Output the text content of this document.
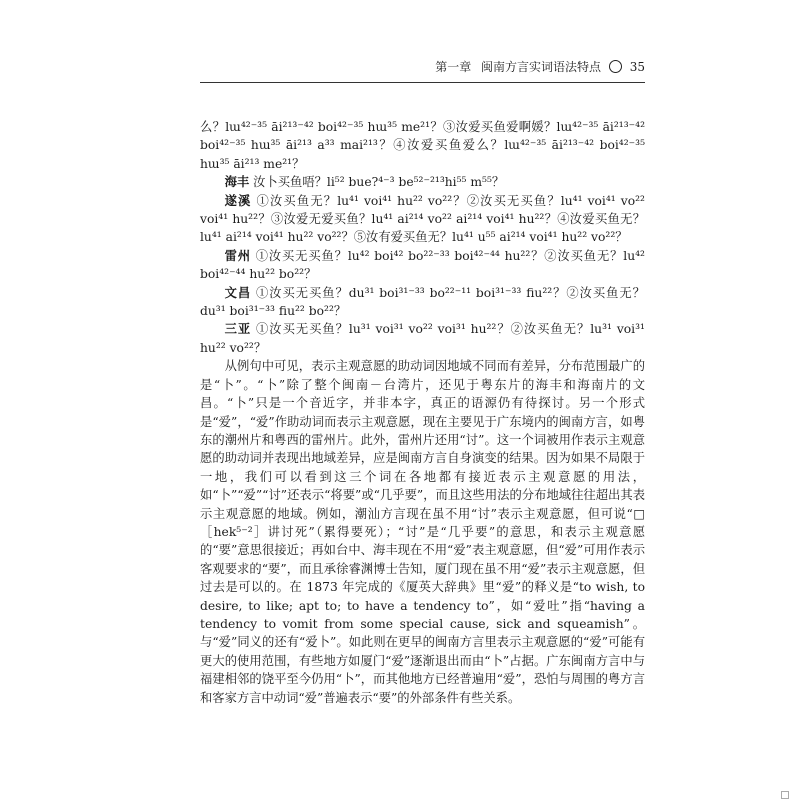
第一章 闽南方言实词语法特点 35

么？lɯ⁴²⁻³⁵ āi²¹³⁻⁴² boi⁴²⁻³⁵ hɯ³⁵ me²¹？③汝爱买鱼爱啊媛？lɯ⁴²⁻³⁵ āi²¹³⁻⁴² boi⁴²⁻³⁵ hɯ³⁵ āi²¹³ a³³ mai²¹³？④汝爱买鱼爱么？lɯ⁴²⁻³⁵ āi²¹³⁻⁴² boi⁴²⁻³⁵ hɯ³⁵ āi²¹³ me²¹？

海丰 汝卜买鱼唔？li⁵² bue?⁴⁻³ be⁵²⁻²¹³hi⁵⁵ m⁵⁵？

遂溪 ①汝买鱼无？lu⁴¹ voi⁴¹ hu²² vo²²？②汝买无买鱼？lu⁴¹ voi⁴¹ vo²² voi⁴¹ hu²²？③汝爱无爱买鱼？lu⁴¹ ai²¹⁴ vo²² ai²¹⁴ voi⁴¹ hu²²？④汝爱买鱼无？lu⁴¹ ai²¹⁴ voi⁴¹ hu²² vo²²？⑤汝有爱买鱼无？lu⁴¹ u⁵⁵ ai²¹⁴ voi⁴¹ hu²² vo²²？

雷州 ①汝买无买鱼？lu⁴² boi⁴² bo²²⁻³³ boi⁴²⁻⁴⁴ hu²²？②汝买鱼无？lu⁴² boi⁴²⁻⁴⁴ hu²² bo²²？

文昌 ①汝买无买鱼？du³¹ boi³¹⁻³³ bo²²⁻¹¹ boi³¹⁻³³ fiu²²？②汝买鱼无？du³¹ boi³¹⁻³³ fiu²² bo²²？

三亚 ①汝买无买鱼？lu³¹ voi³¹ vo²² voi³¹ hu²²？②汝买鱼无？lu³¹ voi³¹ hu²² vo²²？

从例句中可见，表示主观意愿的助动词因地域不同而有差异，分布范围最广的是“卜”。“卜”除了整个闽南－台湾片，还见于粤东片的海丰和海南片的文昌。“卜”只是一个音近字，并非本字，真正的语源仍有待探讨。另一个形式是“爱”，“爱”作助动词而表示主观意愿，现在主要见于广东境内的闽南方言，如粤东的潮州片和粤西的雷州片。此外，雷州片还用“讨”。这一个词被用作表示主观意愿的助动词并表现出地域差异，应是闽南方言自身演变的结果。因为如果不局限于一地，我们可以看到这三个词在各地都有接近表示主观意愿的用法，如“卜”“爱”“讨”还表示“将要”或“几乎要”，而且这些用法的分布地域往往超出其表示主观意愿的地域。例如，潮汕方言现在虽不用“讨”表示主观意愿，但可说“□［hek⁵⁻²］讲讨死”（累得要死）；“讨”是“几乎要”的意思，和表示主观意愿的“要”意思很接近；再如台中、海丰现在不用“爱”表主观意愿，但“爱”可用作表示客观要求的“要”，而且承徐睿渊博士告知，厦门现在虽不用“爱”表示主观意愿，但过去是可以的。在 1873 年完成的《厦英大辞典》里“爱”的释义是“to wish, to desire, to like; apt to; to have a tendency to”，如“爱吐”指“having a tendency to vomit from some special cause, sick and squeamish”。与“爱”同义的还有“爱卜”。如此则在更早的闽南方言里表示主观意愿的“爱”可能有更大的使用范围，有些地方如厦门“爱”逐渐退出而由“卜”占据。广东闽南方言中与福建相邻的饶平至今仍用“卜”，而其他地方已经普遍用“爱”，恐怕与周围的粤方言和客家方言中动词“爱”普遍表示“要”的外部条件有些关系。
